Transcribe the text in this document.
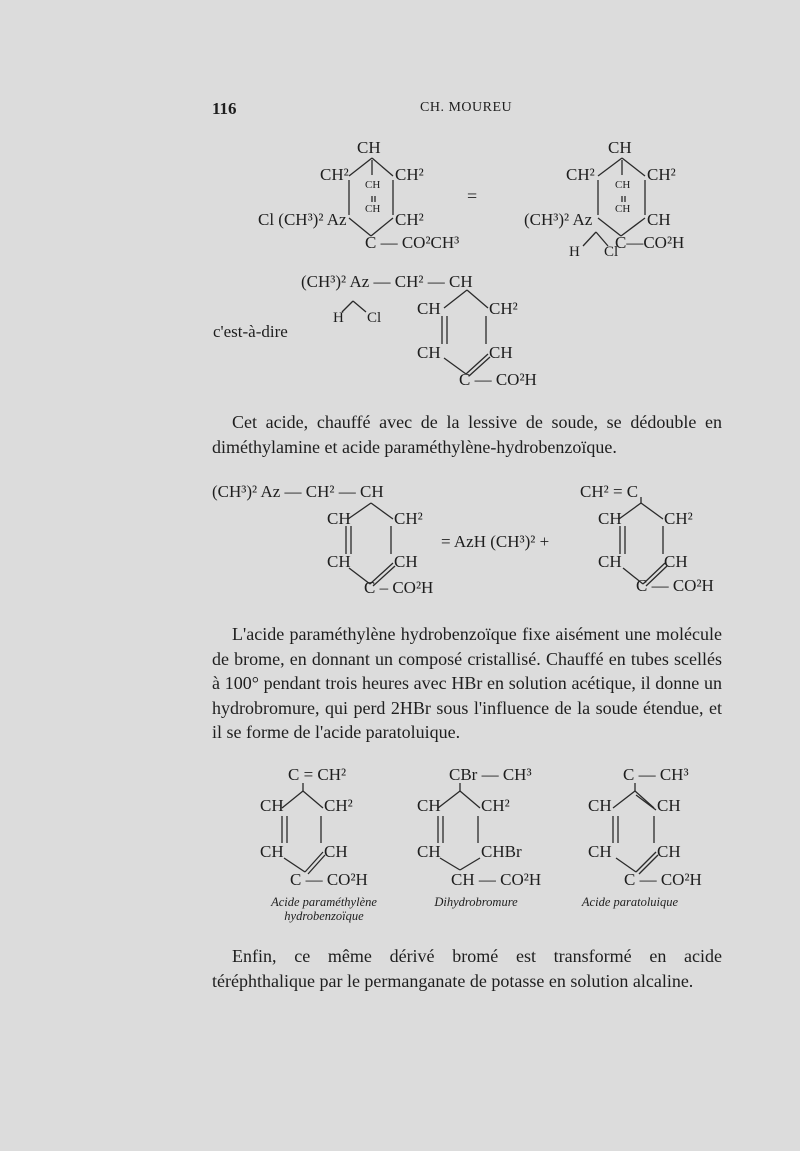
116	CH. MOUREU
CH
CH²	CH²
CH
CH
Cl (CH³)² Az	CH²
C — CO²CH³
=
CH
CH²	CH²
CH
CH
(CH³)² Az	CH
H Cl
C—CO²H
(CH³)² Az — CH² — CH
H Cl
c'est-à-dire
CH	CH²
CH	CH
C — CO²H
Cet acide, chauffé avec de la lessive de soude, se dédouble en diméthylamine et acide paraméthylène-hydrobenzoïque.
(CH³)² Az — CH² — CH
CH	CH²
CH	CH
C – CO²H
= AzH (CH³)² +
CH² = C
CH CH²
CH CH
C — CO²H
L'acide paraméthylène hydrobenzoïque fixe aisément une molécule de brome, en donnant un composé cristallisé. Chauffé en tubes scellés à 100° pendant trois heures avec HBr en solution acétique, il donne un hydrobromure, qui perd 2HBr sous l'influence de la soude étendue, et il se forme de l'acide paratoluique.
C = CH²
CH CH²
CH CH
C — CO²H
Acide paraméthylène
hydrobenzoïque
CBr — CH³
CH CH²
CH CHBr
CH — CO²H
Dihydrobromure
C — CH³
CH	CH
CH	CH
C — CO²H
Acide paratoluique
Enfin, ce même dérivé bromé est transformé en acide téréphthalique par le permanganate de potasse en solution alcaline.
